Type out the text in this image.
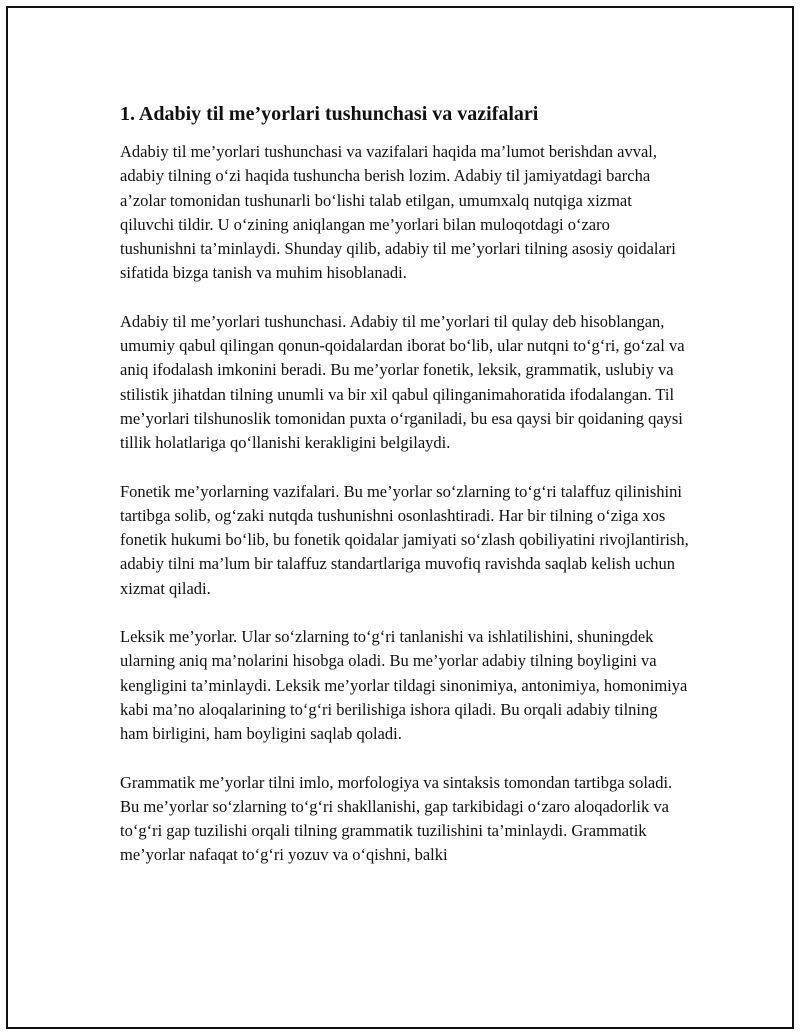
1. Adabiy til me’yorlari tushunchasi va vazifalari

Adabiy til me’yorlari tushunchasi va vazifalari haqida ma’lumot berishdan avval, adabiy tilning o‘zi haqida tushuncha berish lozim. Adabiy til jamiyatdagi barcha a’zolar tomonidan tushunarli bo‘lishi talab etilgan, umumxalq nutqiga xizmat qiluvchi tildir. U o‘zining aniqlangan me’yorlari bilan muloqotdagi o‘zaro tushunishni ta’minlaydi. Shunday qilib, adabiy til me’yorlari tilning asosiy qoidalari sifatida bizga tanish va muhim hisoblanadi.

Adabiy til me’yorlari tushunchasi. Adabiy til me’yorlari til qulay deb hisoblangan, umumiy qabul qilingan qonun-qoidalardan iborat bo‘lib, ular nutqni to‘g‘ri, go‘zal va aniq ifodalash imkonini beradi. Bu me’yorlar fonetik, leksik, grammatik, uslubiy va stilistik jihatdan tilning unumli va bir xil qabul qilinganimahoratida ifodalangan. Til me’yorlari tilshunoslik tomonidan puxta o‘rganiladi, bu esa qaysi bir qoidaning qaysi tillik holatlariga qo‘llanishi kerakligini belgilaydi.

Fonetik me’yorlarning vazifalari. Bu me’yorlar so‘zlarning to‘g‘ri talaffuz qilinishini tartibga solib, og‘zaki nutqda tushunishni osonlashtiradi. Har bir tilning o‘ziga xos fonetik hukumi bo‘lib, bu fonetik qoidalar jamiyati so‘zlash qobiliyatini rivojlantirish, adabiy tilni ma’lum bir talaffuz standartlariga muvofiq ravishda saqlab kelish uchun xizmat qiladi.

Leksik me’yorlar. Ular so‘zlarning to‘g‘ri tanlanishi va ishlatilishini, shuningdek ularning aniq ma’nolarini hisobga oladi. Bu me’yorlar adabiy tilning boyligini va kengligini ta’minlaydi. Leksik me’yorlar tildagi sinonimiya, antonimiya, homonimiya kabi ma’no aloqalarining to‘g‘ri berilishiga ishora qiladi. Bu orqali adabiy tilning ham birligini, ham boyligini saqlab qoladi.

Grammatik me’yorlar tilni imlo, morfologiya va sintaksis tomondan tartibga soladi. Bu me’yorlar so‘zlarning to‘g‘ri shakllanishi, gap tarkibidagi o‘zaro aloqadorlik va to‘g‘ri gap tuzilishi orqali tilning grammatik tuzilishini ta’minlaydi. Grammatik me’yorlar nafaqat to‘g‘ri yozuv va o‘qishni, balki
